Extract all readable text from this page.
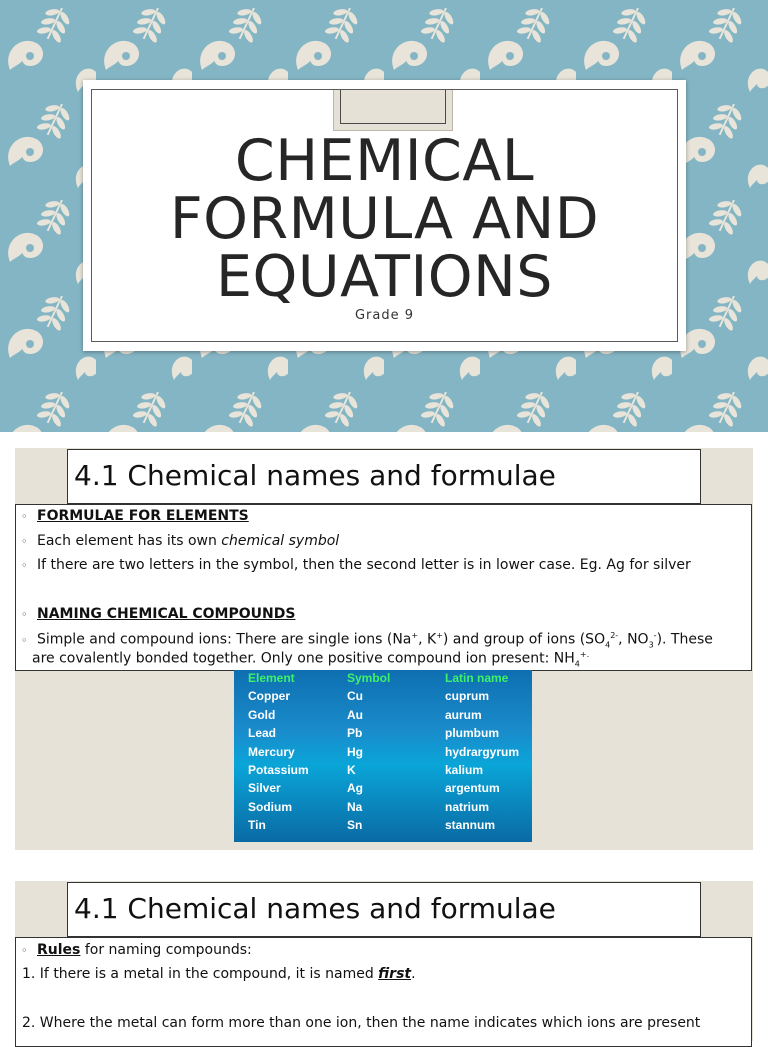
CHEMICAL
FORMULA AND
EQUATIONS
Grade 9
4.1 Chemical names and formulae
◦ FORMULAE FOR ELEMENTS
◦ Each element has its own chemical symbol
◦ If there are two letters in the symbol, then the second letter is in lower case. Eg. Ag for silver
◦ NAMING CHEMICAL COMPOUNDS
◦ Simple and compound ions: There are single ions (Na+, K+) and group of ions ($SO_4^{2-}$, $NO_3^-$). These
are covalently bonded together. Only one positive compound ion present: $NH_4^{+.}$
Element	Symbol	Latin name
Copper	Cu	cuprum
Gold	Au	aurum
Lead	Pb	plumbum
Mercury	Hg	hydrargyrum
Potassium	K	kalium
Silver	Ag	argentum
Sodium	Na	natrium
Tin	Sn	stannum
4.1 Chemical names and formulae
◦ Rules for naming compounds:
1. If there is a metal in the compound, it is named first.
2. Where the metal can form more than one ion, then the name indicates which ions are present
